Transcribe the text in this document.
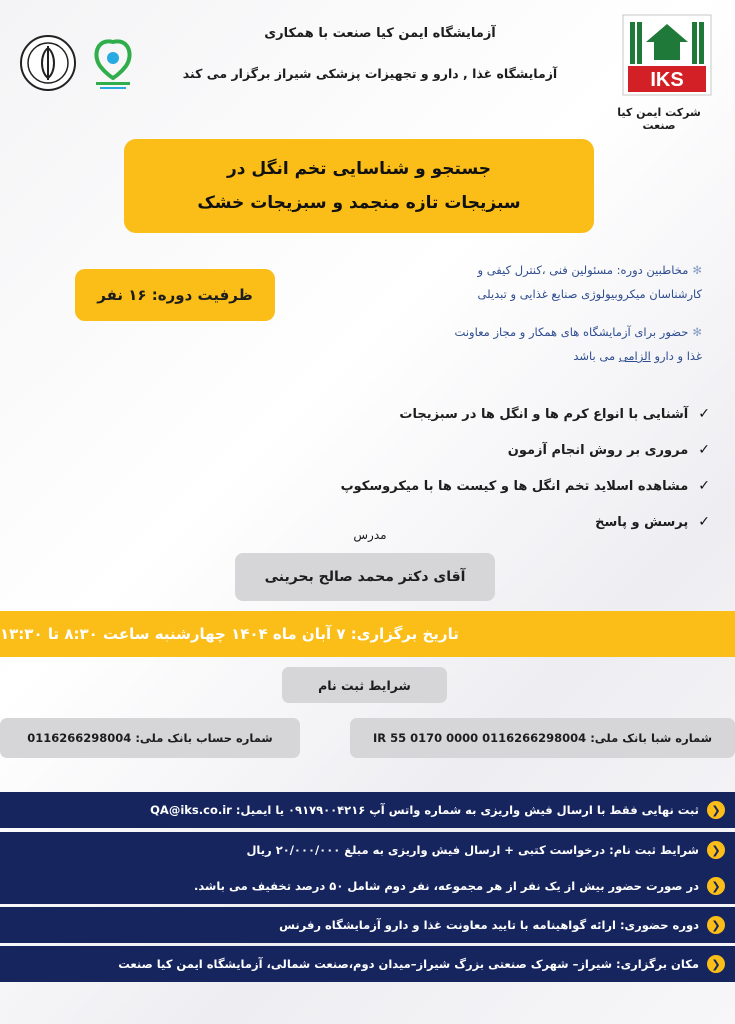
IKS
شرکت ایمن کیا صنعت
آزمایشگاه ایمن کیا صنعت با همکاری
آزمایشگاه غذا , دارو و تجهیزات پزشکی شیراز برگزار می کند
جستجو و شناسایی تخم انگل در
سبزیجات تازه منجمد و سبزیجات خشک
ظرفیت دوره: ۱۶ نفر
✻مخاطبین دوره: مسئولین فنی ،کنترل کیفی و
کارشناسان میکروبیولوژی صنایع غذایی و تبدیلی
✻حضور برای آزمایشگاه های همکار و مجاز معاونت
غذا و دارو الزامی می باشد
✓
آشنایی با انواع کرم ها و انگل ها در سبزیجات
✓
مروری بر روش انجام آزمون
✓
مشاهده اسلاید تخم انگل ها و کیست ها با میکروسکوپ
✓
پرسش و پاسخ
مدرس
آقای دکتر محمد صالح بحرینی
تاریخ برگزاری: ۷ آبان ماه ۱۴۰۴ چهارشنبه ساعت ۸:۳۰ تا ۱۳:۳۰
شرایط ثبت نام
شماره شبا بانک ملی:

IR 55 0170 0000 0116266298004
شماره حساب بانک ملی:

0116266298004
❮
ثبت نهایی فقط با ارسال فیش واریزی به شماره واتس آپ ۰۹۱۷۹۰۰۴۲۱۶ یا ایمیل: QA@iks.co.ir
❮
شرایط ثبت نام: درخواست کتبی + ارسال فیش واریزی به مبلغ ۲۰/۰۰۰/۰۰۰ ریال
❮
در صورت حضور بیش از یک نفر از هر مجموعه، نفر دوم شامل ۵۰ درصد تخفیف می باشد.
❮
دوره حضوری: ارائه گواهینامه با تایید معاونت غذا و دارو آزمایشگاه رفرنس
❮
مکان برگزاری: شیراز– شهرک صنعتی بزرگ شیراز–میدان دوم،صنعت شمالی، آزمایشگاه ایمن کیا صنعت
